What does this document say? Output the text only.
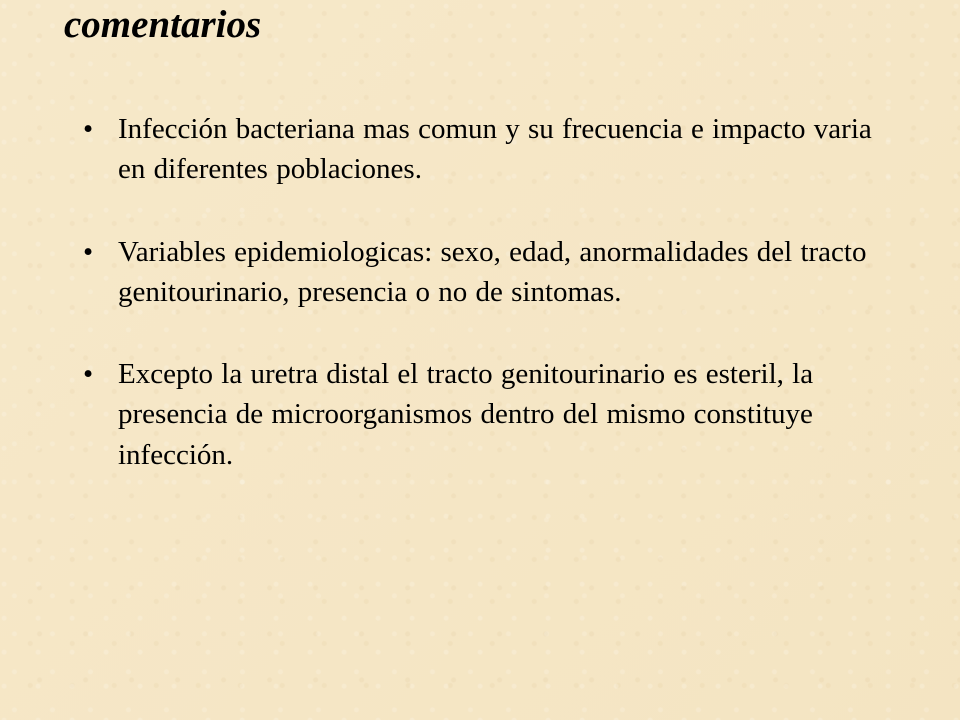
comentarios
• Infección bacteriana mas comun y su frecuencia e impacto varia en diferentes poblaciones.
• Variables epidemiologicas: sexo, edad, anormalidades del tracto genitourinario, presencia o no de sintomas.
• Excepto la uretra distal el tracto genitourinario es esteril, la presencia de microorganismos dentro del mismo constituye infección.
